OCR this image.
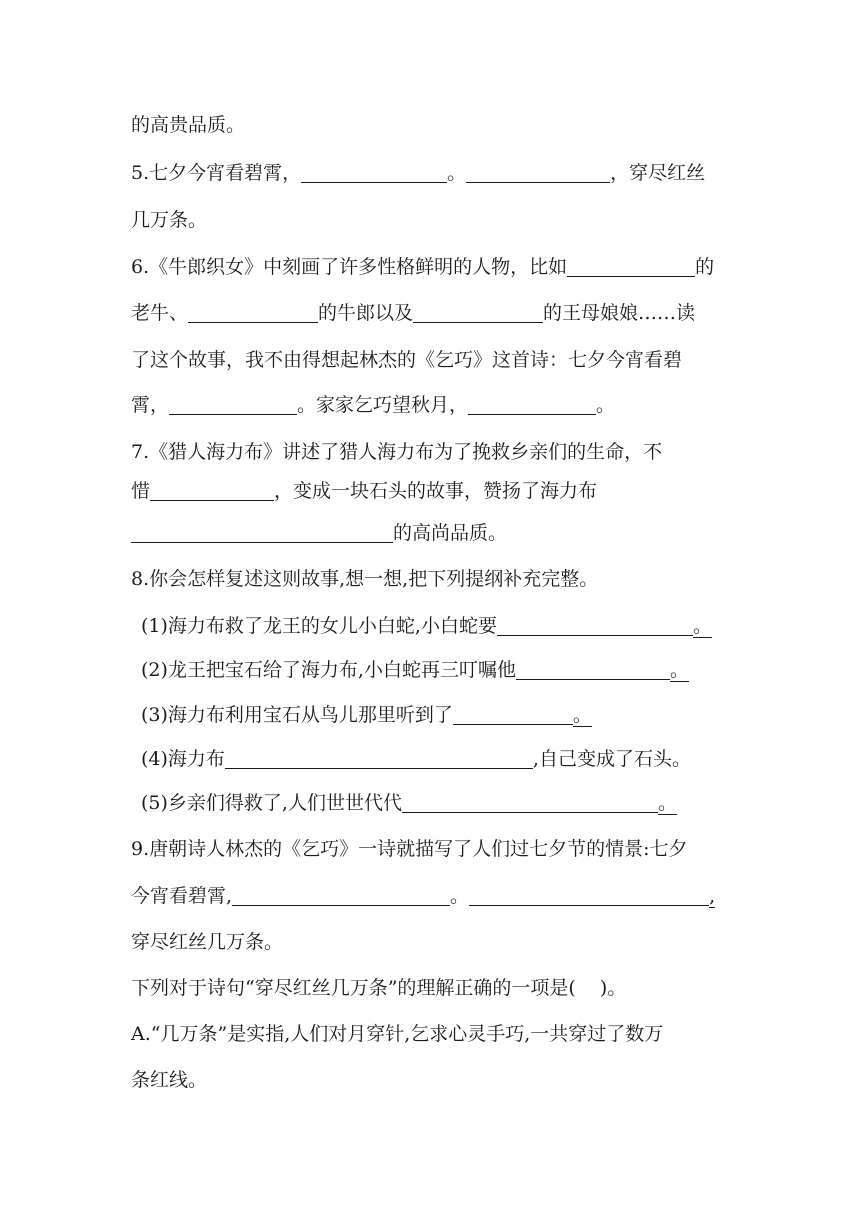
的高贵品质。
5.七夕今宵看碧霄，	。	，穿尽红丝
几万条。
6.《牛郎织女》中刻画了许多性格鲜明的人物，比如	的
老牛、	的牛郎以及	的王母娘娘……读
了这个故事，我不由得想起林杰的《乞巧》这首诗：七夕今宵看碧
霄，	。家家乞巧望秋月，	。
7.《猎人海力布》讲述了猎人海力布为了挽救乡亲们的生命，不
惜	，变成一块石头的故事，赞扬了海力布
的高尚品质。
8.你会怎样复述这则故事,想一想,把下列提纲补充完整。
(1)海力布救了龙王的女儿小白蛇,小白蛇要	。
(2)龙王把宝石给了海力布,小白蛇再三叮嘱他	。
(3)海力布利用宝石从鸟儿那里听到了	。
(4)海力布	,自己变成了石头。
(5)乡亲们得救了,人们世世代代	。
9.唐朝诗人林杰的《乞巧》一诗就描写了人们过七夕节的情景:七夕
今宵看碧霄,	。	,
穿尽红丝几万条。
下列对于诗句“穿尽红丝几万条”的理解正确的一项是( )。
A.“几万条”是实指,人们对月穿针,乞求心灵手巧,一共穿过了数万
条红线。
